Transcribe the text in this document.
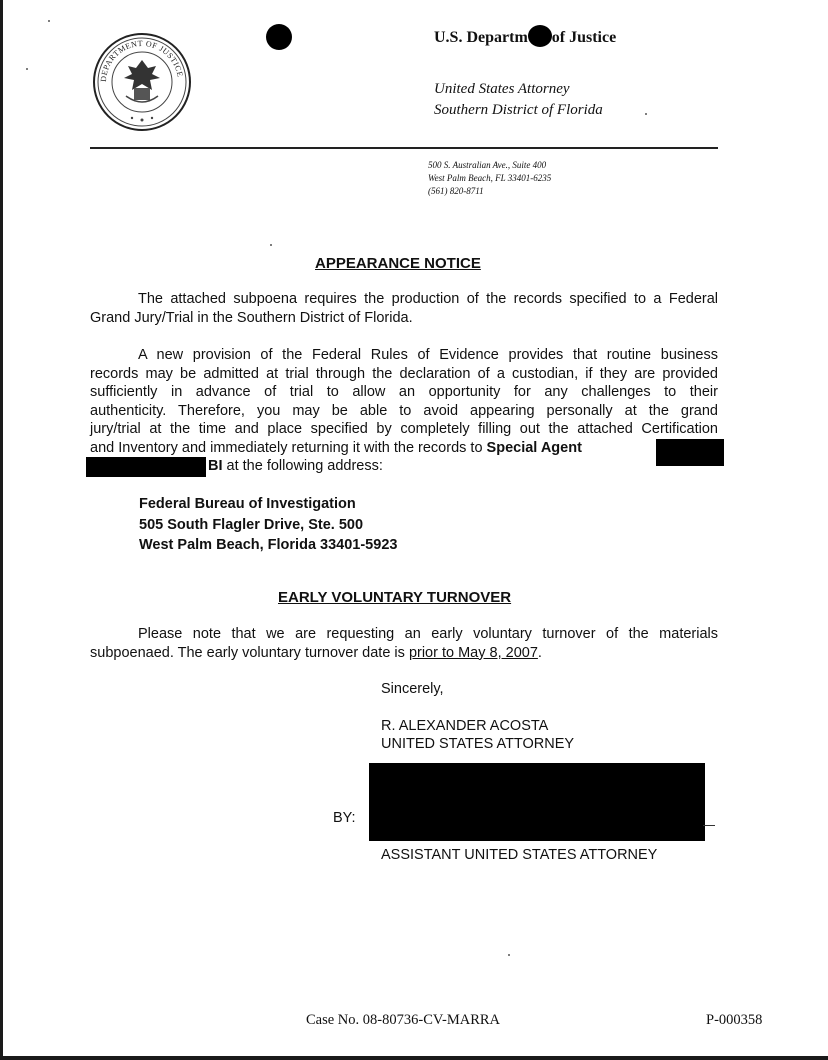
DEPARTMENT OF JUSTICE
U.S. Departm of Justice
United States Attorney
Southern District of Florida
500 S. Australian Ave., Suite 400
West Palm Beach, FL 33401-6235
(561) 820-8711
APPEARANCE NOTICE
The attached subpoena requires the production of the records specified to a Federal
Grand Jury/Trial in the Southern District of Florida.
A new provision of the Federal Rules of Evidence provides that routine business
records may be admitted at trial through the declaration of a custodian, if they are provided
sufficiently in advance of trial to allow an opportunity for any challenges to their
authenticity. Therefore, you may be able to avoid appearing personally at the grand
jury/trial at the time and place specified by completely filling out the attached Certification
and Inventory and immediately returning it with the records to Special Agent
BI at the following address:
Federal Bureau of Investigation
505 South Flagler Drive, Ste. 500
West Palm Beach, Florida 33401-5923
EARLY VOLUNTARY TURNOVER
Please note that we are requesting an early voluntary turnover of the materials
subpoenaed. The early voluntary turnover date is prior to May 8, 2007.
Sincerely,
R. ALEXANDER ACOSTA
UNITED STATES ATTORNEY
BY:
ASSISTANT UNITED STATES ATTORNEY
Case No. 08-80736-CV-MARRA	P-000358
